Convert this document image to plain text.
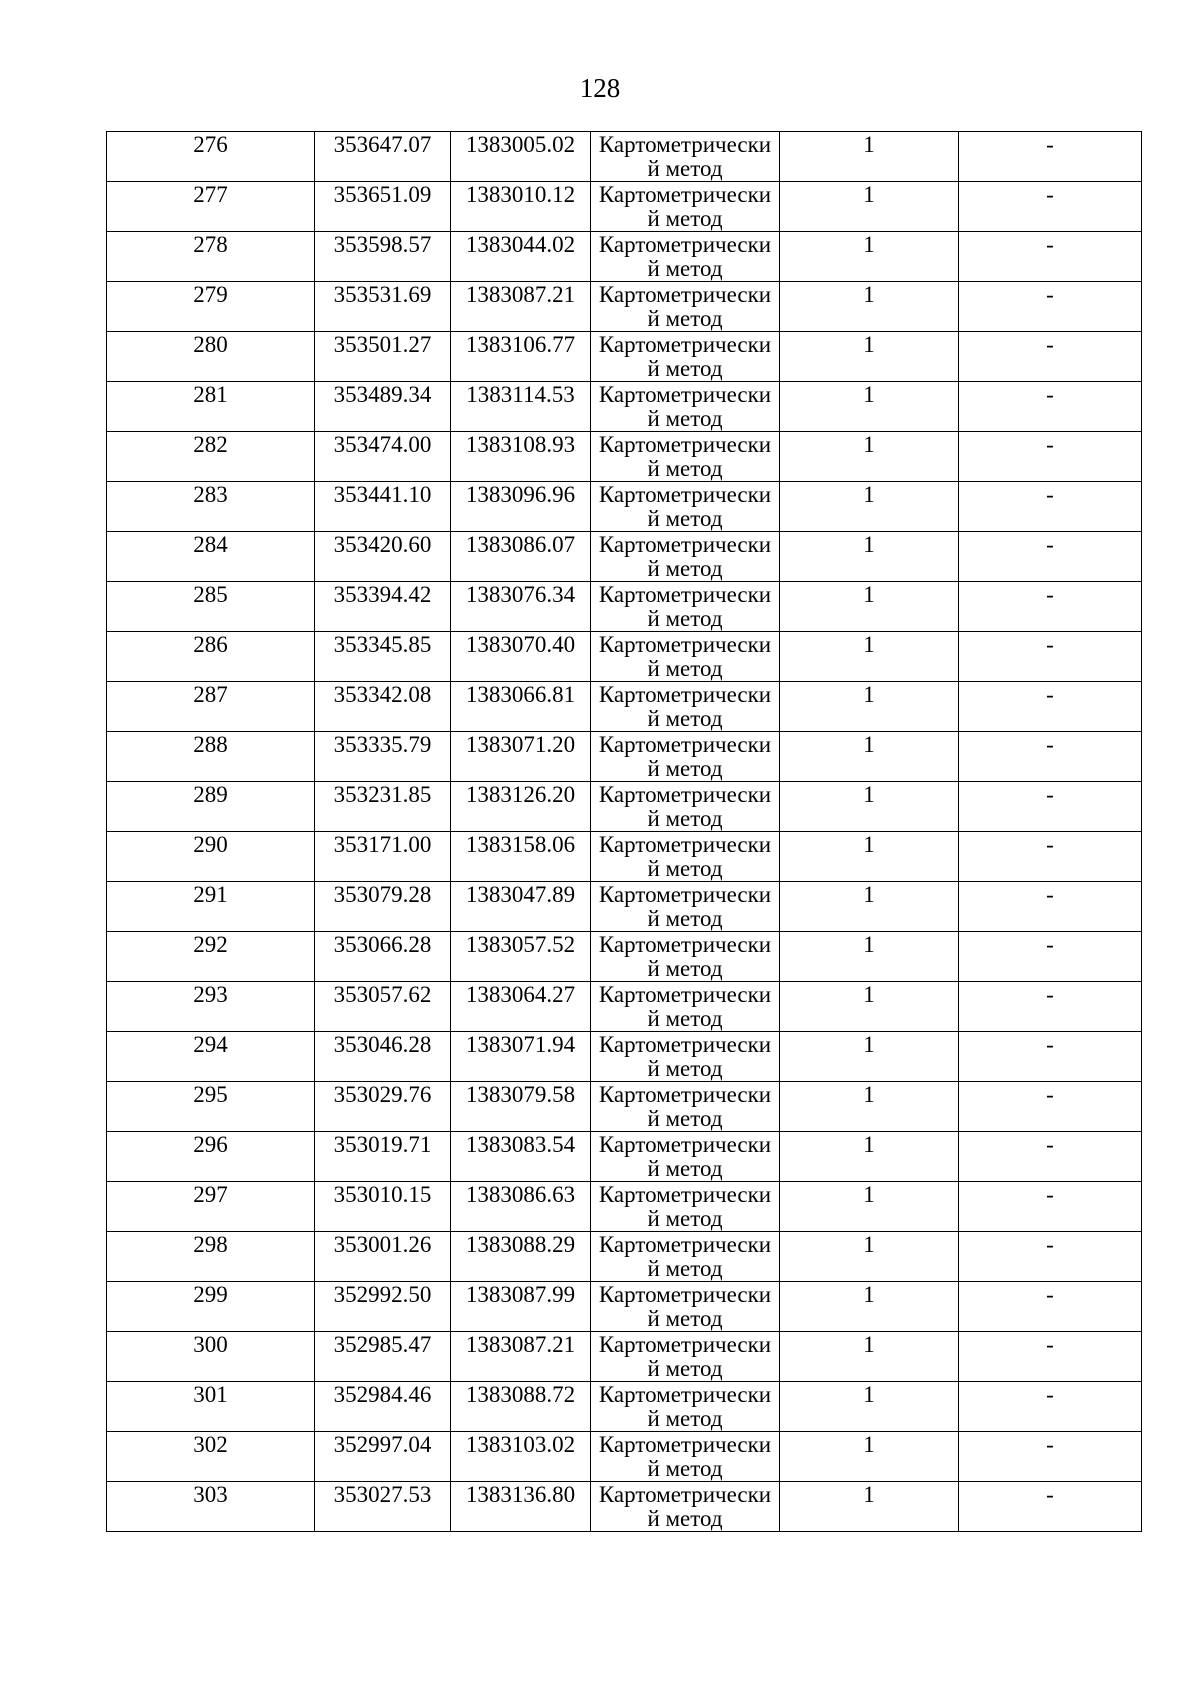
128
276	353647.07	1383005.02	Картометрически й метод	1	-

277	353651.09	1383010.12	Картометрически й метод	1	-

278	353598.57	1383044.02	Картометрически й метод	1	-

279	353531.69	1383087.21	Картометрически й метод	1	-

280	353501.27	1383106.77	Картометрически й метод	1	-

281	353489.34	1383114.53	Картометрически й метод	1	-

282	353474.00	1383108.93	Картометрически й метод	1	-

283	353441.10	1383096.96	Картометрически й метод	1	-

284	353420.60	1383086.07	Картометрически й метод	1	-

285	353394.42	1383076.34	Картометрически й метод	1	-

286	353345.85	1383070.40	Картометрически й метод	1	-

287	353342.08	1383066.81	Картометрически й метод	1	-

288	353335.79	1383071.20	Картометрически й метод	1	-

289	353231.85	1383126.20	Картометрически й метод	1	-

290	353171.00	1383158.06	Картометрически й метод	1	-

291	353079.28	1383047.89	Картометрически й метод	1	-

292	353066.28	1383057.52	Картометрически й метод	1	-

293	353057.62	1383064.27	Картометрически й метод	1	-

294	353046.28	1383071.94	Картометрически й метод	1	-

295	353029.76	1383079.58	Картометрически й метод	1	-

296	353019.71	1383083.54	Картометрически й метод	1	-

297	353010.15	1383086.63	Картометрически й метод	1	-

298	353001.26	1383088.29	Картометрически й метод	1	-

299	352992.50	1383087.99	Картометрически й метод	1	-

300	352985.47	1383087.21	Картометрически й метод	1	-

301	352984.46	1383088.72	Картометрически й метод	1	-

302	352997.04	1383103.02	Картометрически й метод	1	-

303	353027.53	1383136.80	Картометрически й метод	1	-
